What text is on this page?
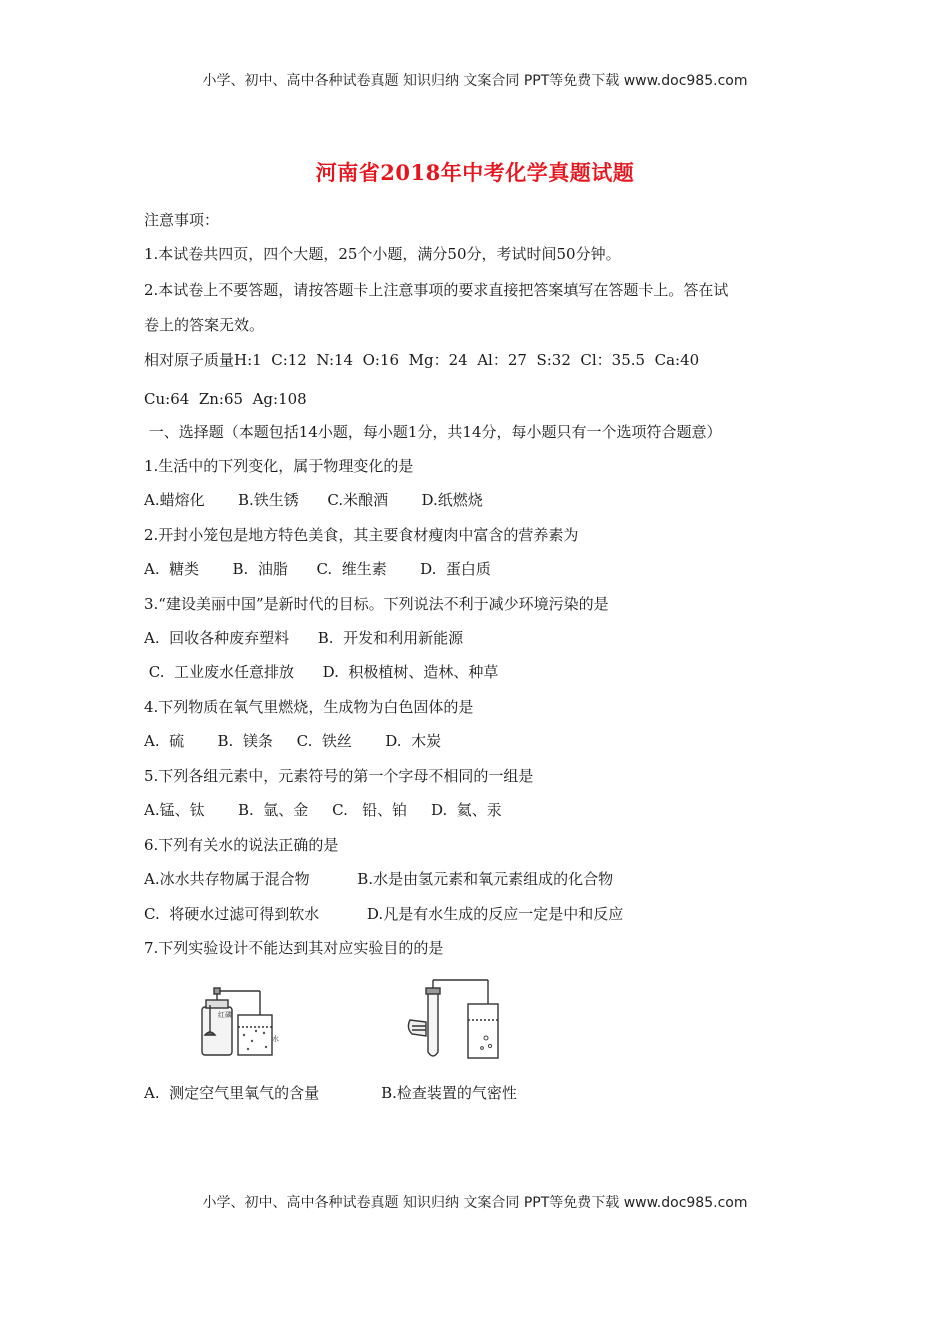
小学、初中、高中各种试卷真题 知识归纳 文案合同 PPT等免费下载 www.doc985.com
河南省2018年中考化学真题试题
注意事项：
1.本试卷共四页，四个大题，25个小题，满分50分，考试时间50分钟。
2.本试卷上不要答题，请按答题卡上注意事项的要求直接把答案填写在答题卡上。答在试
卷上的答案无效。
相对原子质量H:1  C:12  N:14  O:16  Mg：24  Al：27  S:32  Cl：35.5  Ca:40
Cu:64  Zn:65  Ag:108
一、选择题（本题包括14小题，每小题1分，共14分，每小题只有一个选项符合题意）
1.生活中的下列变化，属于物理变化的是
A.蜡熔化       B.铁生锈      C.米酿酒       D.纸燃烧
2.开封小笼包是地方特色美食，其主要食材瘦肉中富含的营养素为
A.  糖类       B.  油脂      C.  维生素       D.  蛋白质
3.“建设美丽中国”是新时代的目标。下列说法不利于减少环境污染的是
A.  回收各种废弃塑料      B.  开发和利用新能源
C.  工业废水任意排放      D.  积极植树、造林、种草
4.下列物质在氧气里燃烧，生成物为白色固体的是
A.  硫       B.  镁条     C.  铁丝       D.  木炭
5.下列各组元素中，元素符号的第一个字母不相同的一组是
A.锰、钛       B.  氩、金     C.   铅、铂     D.  氦、汞
6.下列有关水的说法正确的是
A.冰水共存物属于混合物          B.水是由氢元素和氧元素组成的化合物
C.  将硬水过滤可得到软水          D.凡是有水生成的反应一定是中和反应
7.下列实验设计不能达到其对应实验目的的是
红磷
水
A.  测定空气里氧气的含量             B.检查装置的气密性
小学、初中、高中各种试卷真题 知识归纳 文案合同 PPT等免费下载 www.doc985.com
